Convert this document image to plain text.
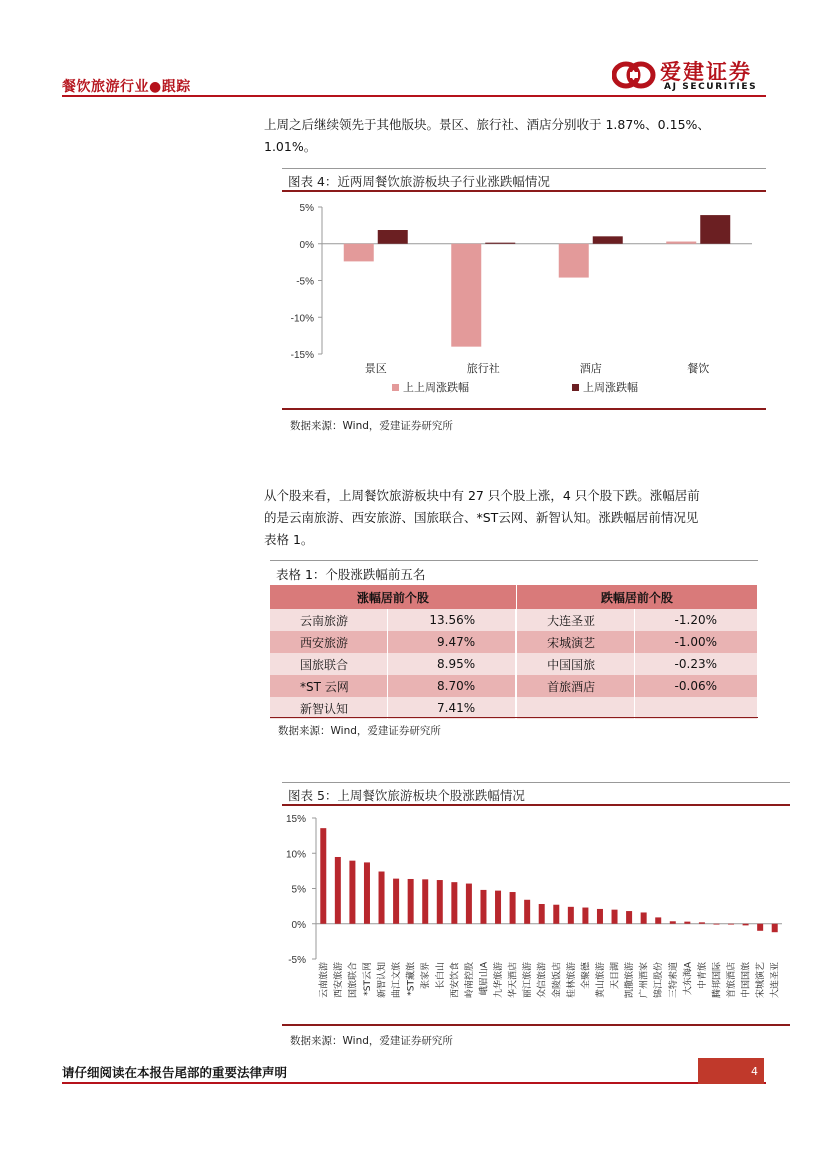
餐饮旅游行业●跟踪
爱建证券
AJ SECURITIES
上周之后继续领先于其他版块。景区、旅行社、酒店分别收于 1.87%、0.15%、
1.01%。
图表 4：近两周餐饮旅游板块子行业涨跌幅情况
5%
0%
-5%
-10%
-15%
景区	旅行社	酒店	餐饮
上上周涨跌幅	上周涨跌幅
数据来源：Wind，爱建证券研究所
从个股来看，上周餐饮旅游板块中有 27 只个股上涨，4 只个股下跌。涨幅居前
的是云南旅游、西安旅游、国旅联合、*ST云网、新智认知。涨跌幅居前情况见
表格 1。
表格 1：个股涨跌幅前五名
涨幅居前个股		跌幅居前个股	
云南旅游	13.56%	大连圣亚	-1.20%
西安旅游	9.47%	宋城演艺	-1.00%
国旅联合	8.95%	中国国旅	-0.23%
*ST 云网	8.70%	首旅酒店	-0.06%
新智认知	7.41%		
数据来源：Wind，爱建证券研究所
图表 5：上周餐饮旅游板块个股涨跌幅情况
15%
10%
5%
0%
-5%
云南旅游 西安旅游 国旅联合 *ST云网 新智认知 曲江文旅 *ST藏旅 张家界 长白山 西安饮食 岭南控股 峨眉山A 九华旅游 华天酒店 丽江旅游 众信旅游 金陵饭店 桂林旅游 全聚德 黄山旅游 天目湖 凯撒旅游 广州酒家 锦江股份 三特索道 大东海A 中青旅 腾邦国际 首旅酒店 中国国旅 宋城演艺 大连圣亚
数据来源：Wind，爱建证券研究所
请仔细阅读在本报告尾部的重要法律声明	4
